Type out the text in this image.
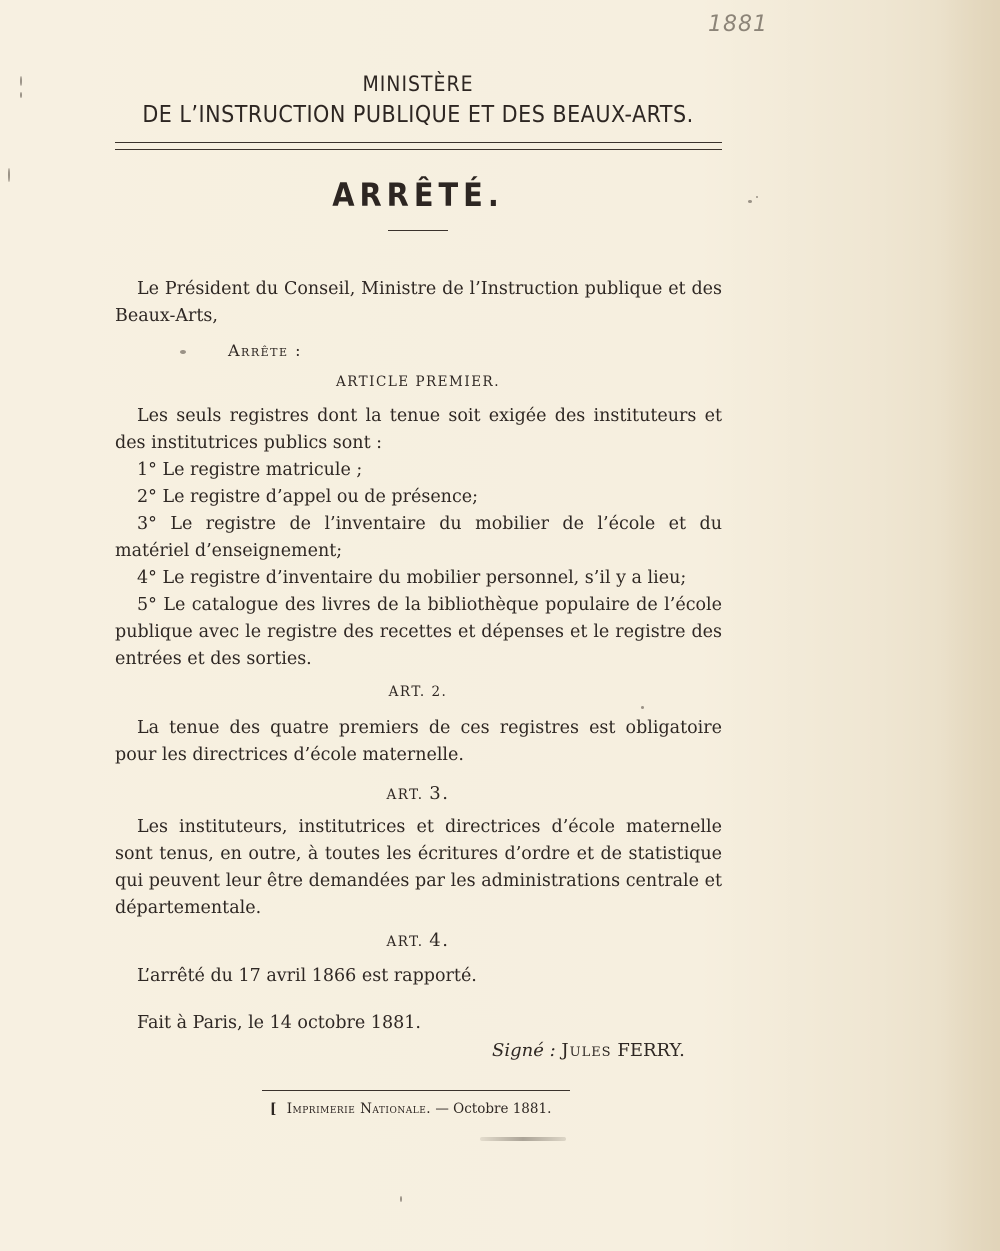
1881
MINISTÈRE
DE L’INSTRUCTION PUBLIQUE ET DES BEAUX-ARTS.
ARRÊTÉ.
Le Président du Conseil, Ministre de l’Instruction publique et des Beaux-Arts,
Arrête :
ARTICLE PREMIER.
Les seuls registres dont la tenue soit exigée des instituteurs et des institutrices publics sont :
1° Le registre matricule ;
2° Le registre d’appel ou de présence;
3° Le registre de l’inventaire du mobilier de l’école et du matériel d’enseignement;
4° Le registre d’inventaire du mobilier personnel, s’il y a lieu;
5° Le catalogue des livres de la bibliothèque populaire de l’école publique avec le registre des recettes et dépenses et le registre des entrées et des sorties.
ART. 2.
La tenue des quatre premiers de ces registres est obligatoire pour les directrices d’école maternelle.
ART. 3.
Les instituteurs, institutrices et directrices d’école maternelle sont tenus, en outre, à toutes les écritures d’ordre et de statistique qui peuvent leur être demandées par les administrations centrale et départementale.
ART. 4.
L’arrêté du 17 avril 1866 est rapporté.
Fait à Paris, le 14 octobre 1881.
Signé : Jules FERRY.
[ Imprimerie Nationale. — Octobre 1881.
